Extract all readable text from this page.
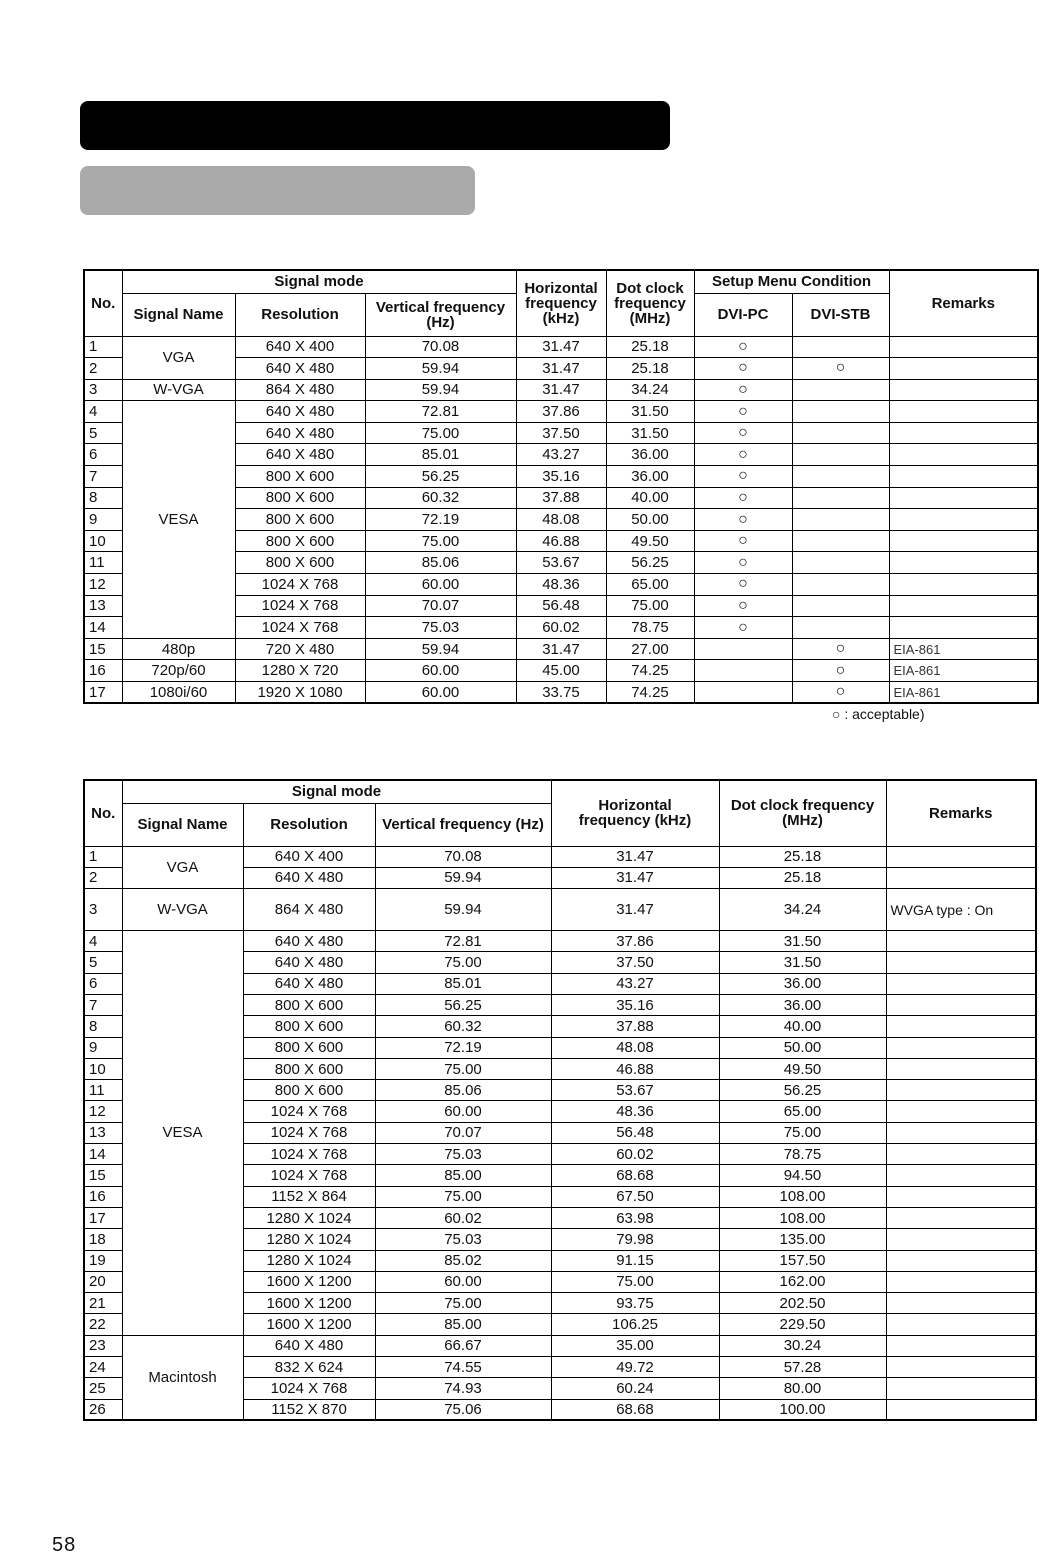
No.	Signal mode			Horizontal frequency (kHz)	Dot clock frequency (MHz)	Setup Menu Condition		Remarks
	Signal Name	Resolution	Vertical frequency (Hz)			DVI-PC	DVI-STB	
1	VGA	640 X 400	70.08	31.47	25.18	○		
2		640 X 480	59.94	31.47	25.18	○	○	
3	W-VGA	864 X 480	59.94	31.47	34.24	○		
4	VESA	640 X 480	72.81	37.86	31.50	○		
5		640 X 480	75.00	37.50	31.50	○		
6		640 X 480	85.01	43.27	36.00	○		
7		800 X 600	56.25	35.16	36.00	○		
8		800 X 600	60.32	37.88	40.00	○		
9		800 X 600	72.19	48.08	50.00	○		
10		800 X 600	75.00	46.88	49.50	○		
11		800 X 600	85.06	53.67	56.25	○		
12		1024 X 768	60.00	48.36	65.00	○		
13		1024 X 768	70.07	56.48	75.00	○		
14		1024 X 768	75.03	60.02	78.75	○		
15	480p	720 X 480	59.94	31.47	27.00		○	EIA-861
16	720p/60	1280 X 720	60.00	45.00	74.25		○	EIA-861
17	1080i/60	1920 X 1080	60.00	33.75	74.25		○	EIA-861
○ : acceptable)
No.	Signal mode			Horizontal frequency (kHz)	Dot clock frequency (MHz)	Remarks
	Signal Name	Resolution	Vertical frequency (Hz)			
1	VGA	640 X 400	70.08	31.47	25.18	
2		640 X 480	59.94	31.47	25.18	
3	W-VGA	864 X 480	59.94	31.47	34.24	WVGA type : On
4	VESA	640 X 480	72.81	37.86	31.50	
5		640 X 480	75.00	37.50	31.50	
6		640 X 480	85.01	43.27	36.00	
7		800 X 600	56.25	35.16	36.00	
8		800 X 600	60.32	37.88	40.00	
9		800 X 600	72.19	48.08	50.00	
10		800 X 600	75.00	46.88	49.50	
11		800 X 600	85.06	53.67	56.25	
12		1024 X 768	60.00	48.36	65.00	
13		1024 X 768	70.07	56.48	75.00	
14		1024 X 768	75.03	60.02	78.75	
15		1024 X 768	85.00	68.68	94.50	
16		1152 X 864	75.00	67.50	108.00	
17		1280 X 1024	60.02	63.98	108.00	
18		1280 X 1024	75.03	79.98	135.00	
19		1280 X 1024	85.02	91.15	157.50	
20		1600 X 1200	60.00	75.00	162.00	
21		1600 X 1200	75.00	93.75	202.50	
22		1600 X 1200	85.00	106.25	229.50	
23	Macintosh	640 X 480	66.67	35.00	30.24	
24		832 X 624	74.55	49.72	57.28	
25		1024 X 768	74.93	60.24	80.00	
26		1152 X 870	75.06	68.68	100.00	
58
